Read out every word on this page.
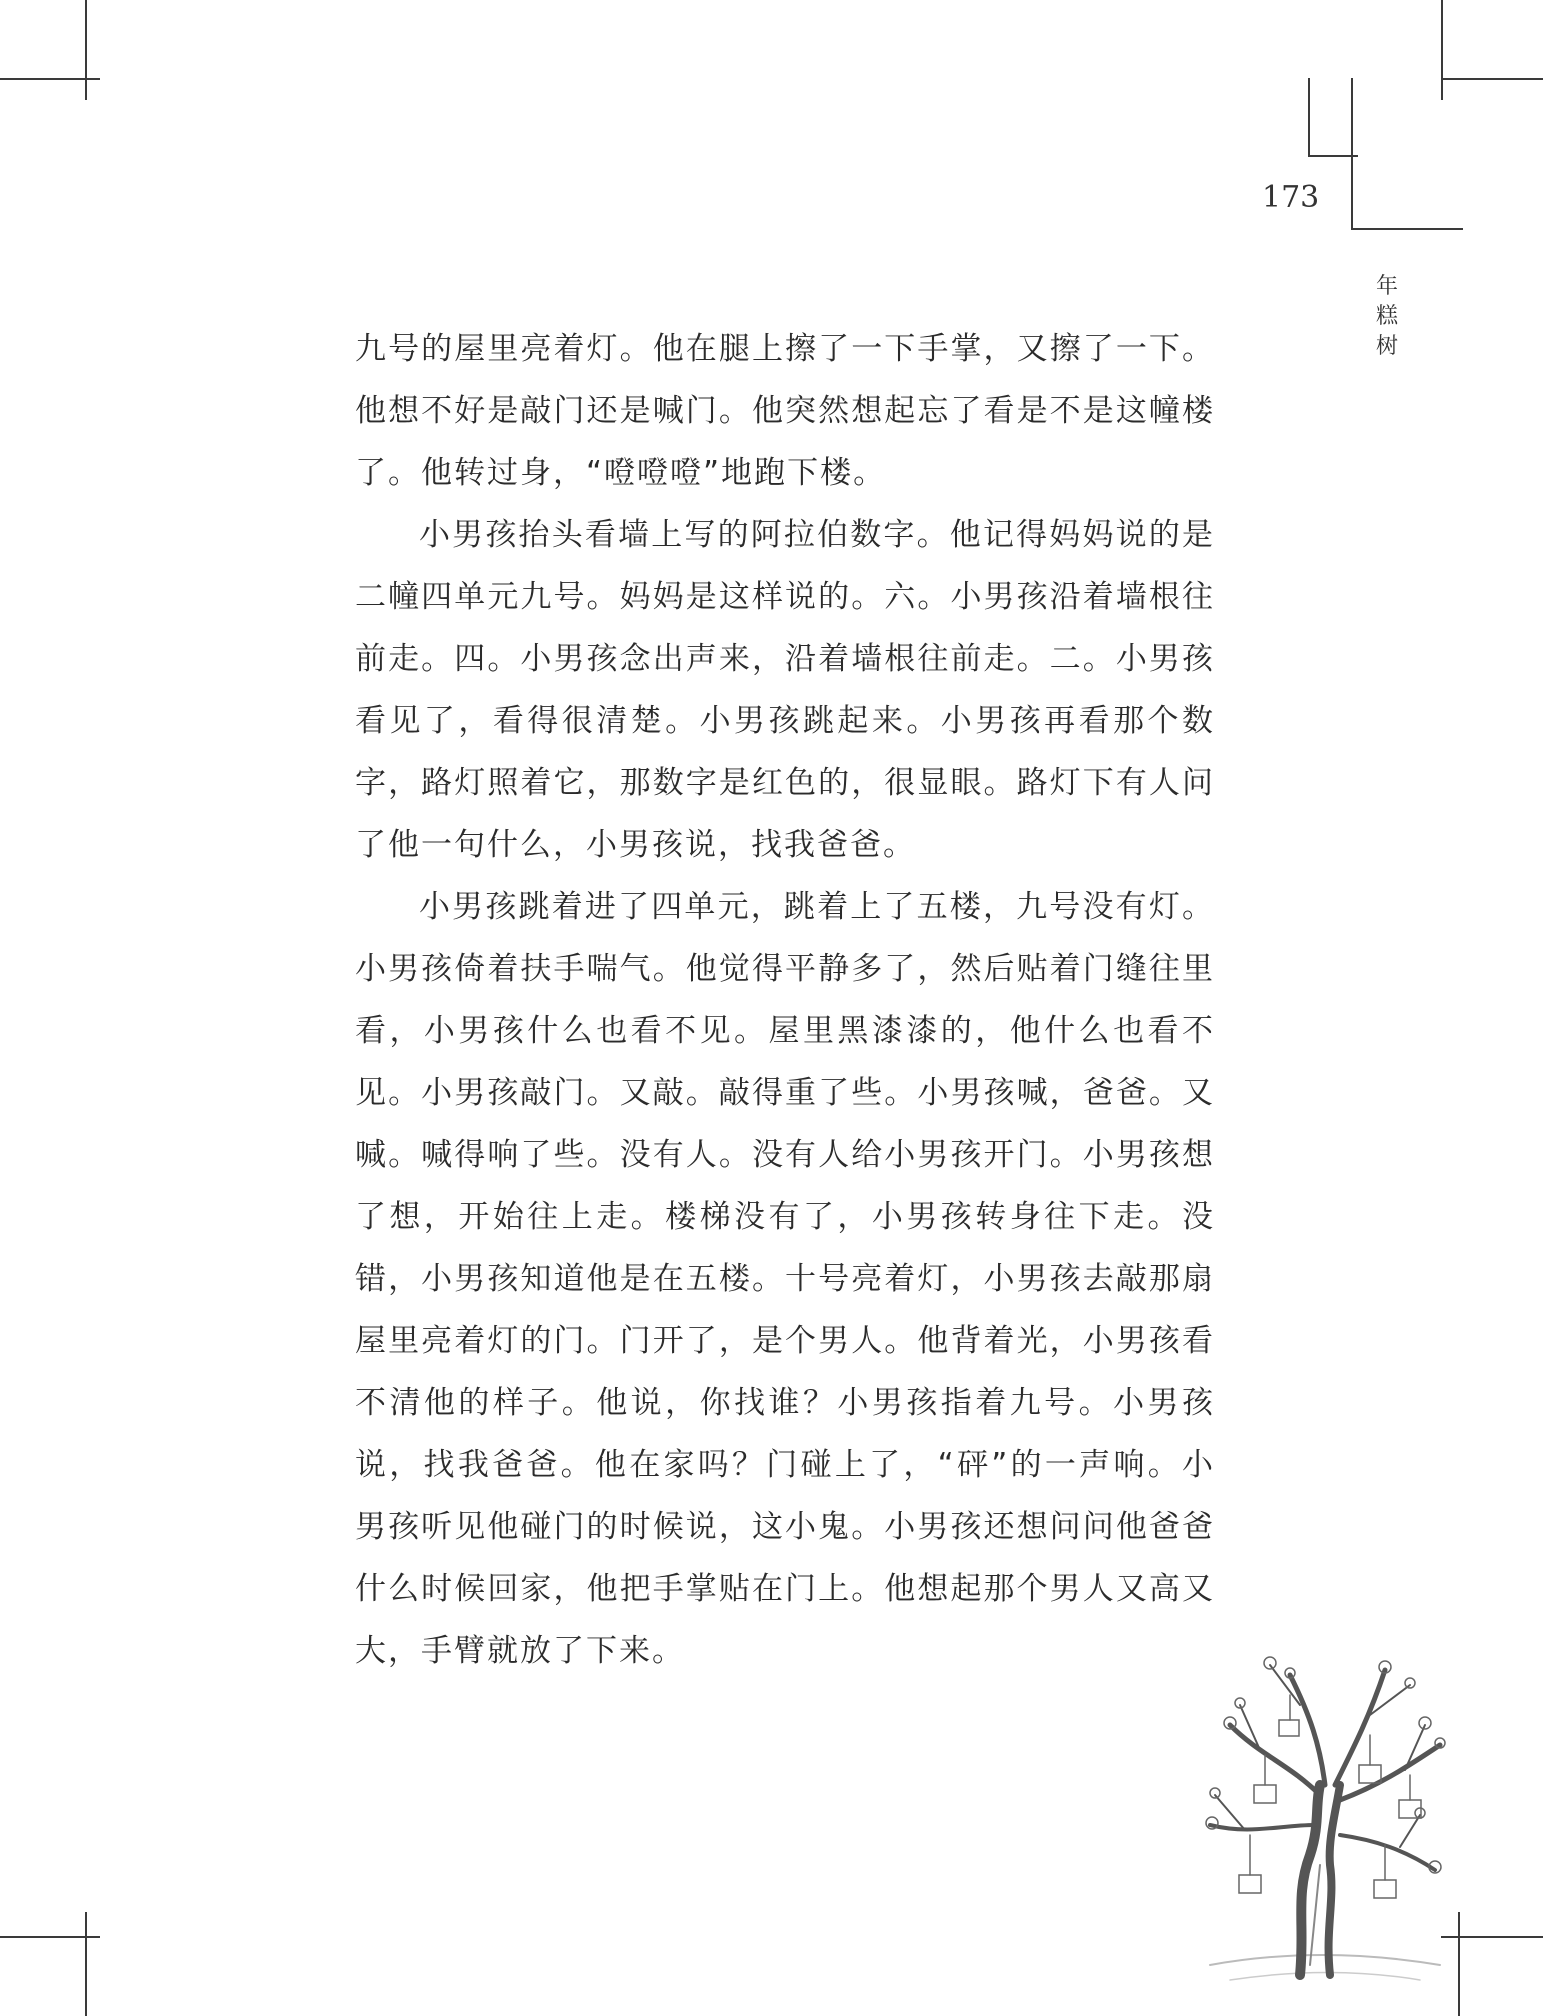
173
年
糕
树

九号的屋里亮着灯。他在腿上擦了一下手掌，又擦了一下。他想不好是敲门还是喊门。他突然想起忘了看是不是这幢楼了。他转过身，“噔噔噔”地跑下楼。

小男孩抬头看墙上写的阿拉伯数字。他记得妈妈说的是二幢四单元九号。妈妈是这样说的。六。小男孩沿着墙根往前走。四。小男孩念出声来，沿着墙根往前走。二。小男孩看见了，看得很清楚。小男孩跳起来。小男孩再看那个数字，路灯照着它，那数字是红色的，很显眼。路灯下有人问了他一句什么，小男孩说，找我爸爸。

小男孩跳着进了四单元，跳着上了五楼，九号没有灯。小男孩倚着扶手喘气。他觉得平静多了，然后贴着门缝往里看，小男孩什么也看不见。屋里黑漆漆的，他什么也看不见。小男孩敲门。又敲。敲得重了些。小男孩喊，爸爸。又喊。喊得响了些。没有人。没有人给小男孩开门。小男孩想了想，开始往上走。楼梯没有了，小男孩转身往下走。没错，小男孩知道他是在五楼。十号亮着灯，小男孩去敲那扇屋里亮着灯的门。门开了，是个男人。他背着光，小男孩看不清他的样子。他说，你找谁？小男孩指着九号。小男孩说，找我爸爸。他在家吗？门碰上了，“砰”的一声响。小男孩听见他碰门的时候说，这小鬼。小男孩还想问问他爸爸什么时候回家，他把手掌贴在门上。他想起那个男人又高又大，手臂就放了下来。
